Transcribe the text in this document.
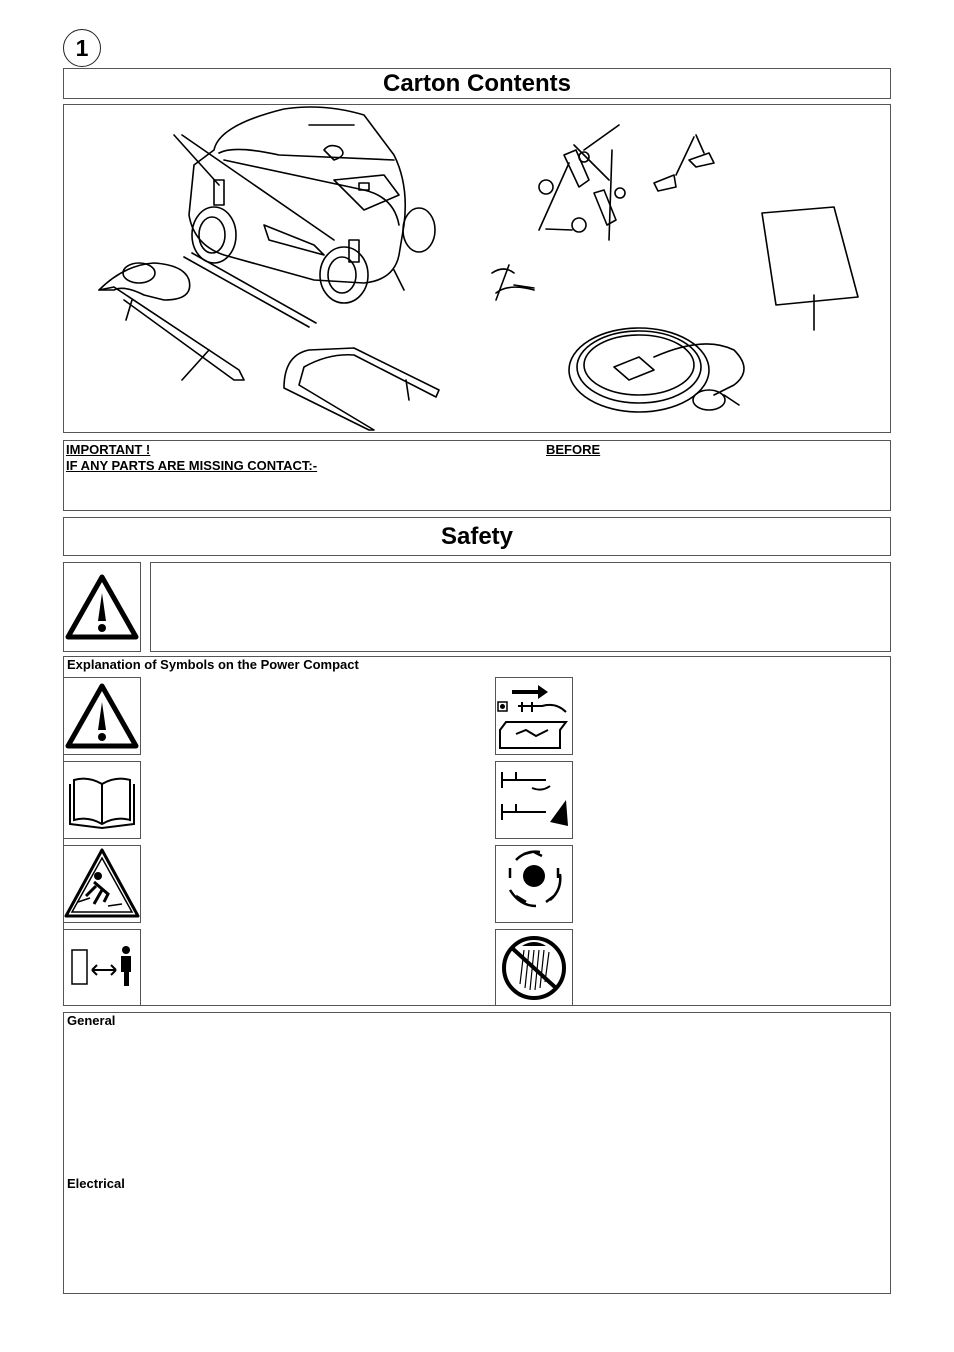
1
Carton Contents
IMPORTANT !	BEFORE
IF ANY PARTS ARE MISSING CONTACT:-
Safety
Explanation of Symbols on the Power Compact
General
Electrical
